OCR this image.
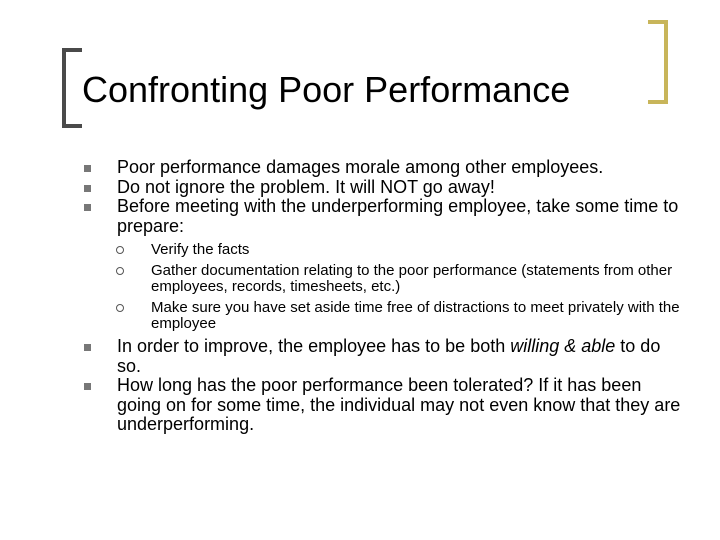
Confronting Poor Performance
Poor performance damages morale among other employees.
Do not ignore the problem. It will NOT go away!
Before meeting with the underperforming employee, take some time to prepare:
Verify the facts
Gather documentation relating to the poor performance (statements from other employees, records, timesheets, etc.)
Make sure you have set aside time free of distractions to meet privately with the employee
In order to improve, the employee has to be both willing & able to do so.
How long has the poor performance been tolerated? If it has been going on for some time, the individual may not even know that they are underperforming.
